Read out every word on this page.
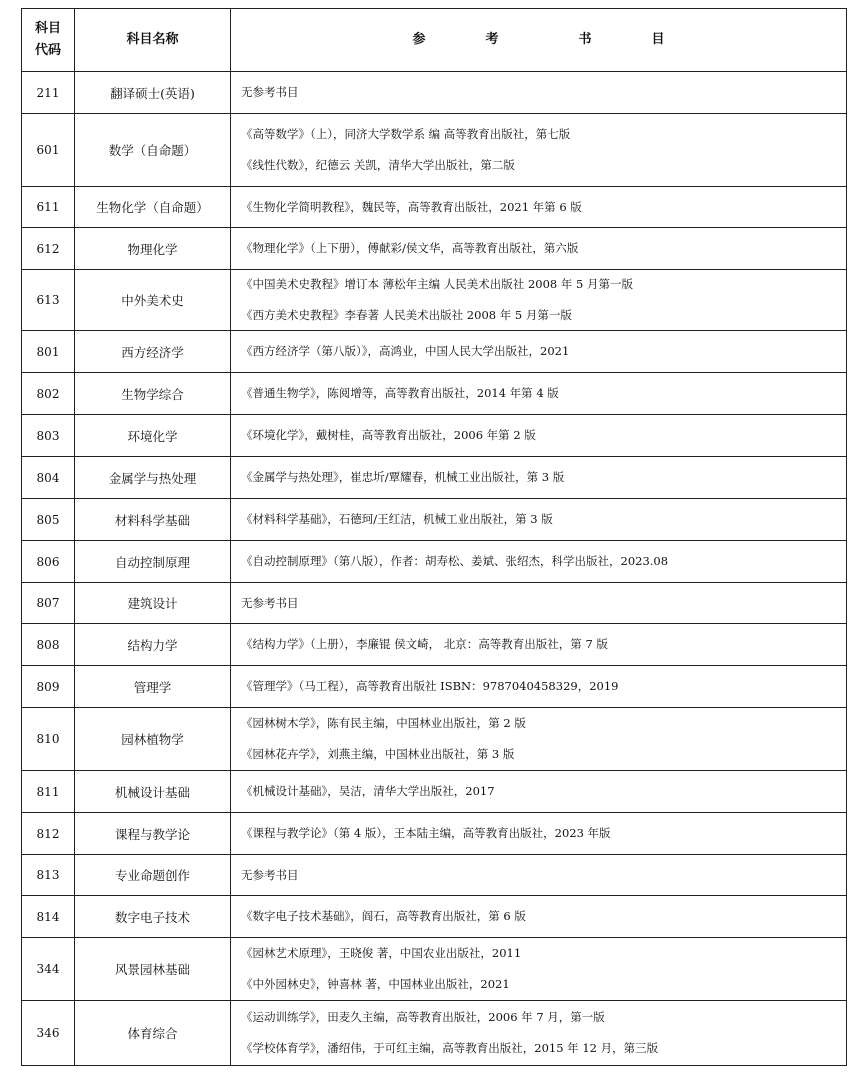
科目
代码	科目名称	参 考 书 目
211	翻译硕士(英语)	无参考书目

601	数学（自命题）	《高等数学》（上），同济大学数学系 编 高等教育出版社，第七版
《线性代数》，纪德云 关凯，清华大学出版社，第二版

611	生物化学（自命题）	《生物化学简明教程》，魏民等，高等教育出版社，2021 年第 6 版

612	物理化学	《物理化学》（上下册），傅献彩/侯文华，高等教育出版社，第六版

613	中外美术史	《中国美术史教程》增订本 薄松年主编 人民美术出版社 2008 年 5 月第一版
《西方美术史教程》李春著 人民美术出版社 2008 年 5 月第一版

801	西方经济学	《西方经济学（第八版）》，高鸿业，中国人民大学出版社，2021

802	生物学综合	《普通生物学》，陈阅增等，高等教育出版社，2014 年第 4 版

803	环境化学	《环境化学》，戴树桂，高等教育出版社，2006 年第 2 版

804	金属学与热处理	《金属学与热处理》，崔忠圻/覃耀春，机械工业出版社，第 3 版

805	材料科学基础	《材料科学基础》，石德珂/王红洁，机械工业出版社，第 3 版

806	自动控制原理	《自动控制原理》（第八版），作者：胡寿松、姜斌、张绍杰，科学出版社，2023.08

807	建筑设计	无参考书目

808	结构力学	《结构力学》（上册），李廉锟 侯文崎， 北京：高等教育出版社，第 7 版

809	管理学	《管理学》（马工程），高等教育出版社 ISBN：9787040458329，2019

810	园林植物学	《园林树木学》，陈有民主编，中国林业出版社，第 2 版
《园林花卉学》，刘燕主编，中国林业出版社，第 3 版

811	机械设计基础	《机械设计基础》，吴洁，清华大学出版社，2017

812	课程与教学论	《课程与教学论》（第 4 版），王本陆主编，高等教育出版社，2023 年版

813	专业命题创作	无参考书目

814	数字电子技术	《数字电子技术基础》，阎石，高等教育出版社，第 6 版

344	风景园林基础	《园林艺术原理》，王晓俊 著，中国农业出版社，2011
《中外园林史》，钟喜林 著，中国林业出版社，2021

346	体育综合	《运动训练学》，田麦久主编，高等教育出版社，2006 年 7 月，第一版
《学校体育学》，潘绍伟，于可红主编，高等教育出版社，2015 年 12 月，第三版
